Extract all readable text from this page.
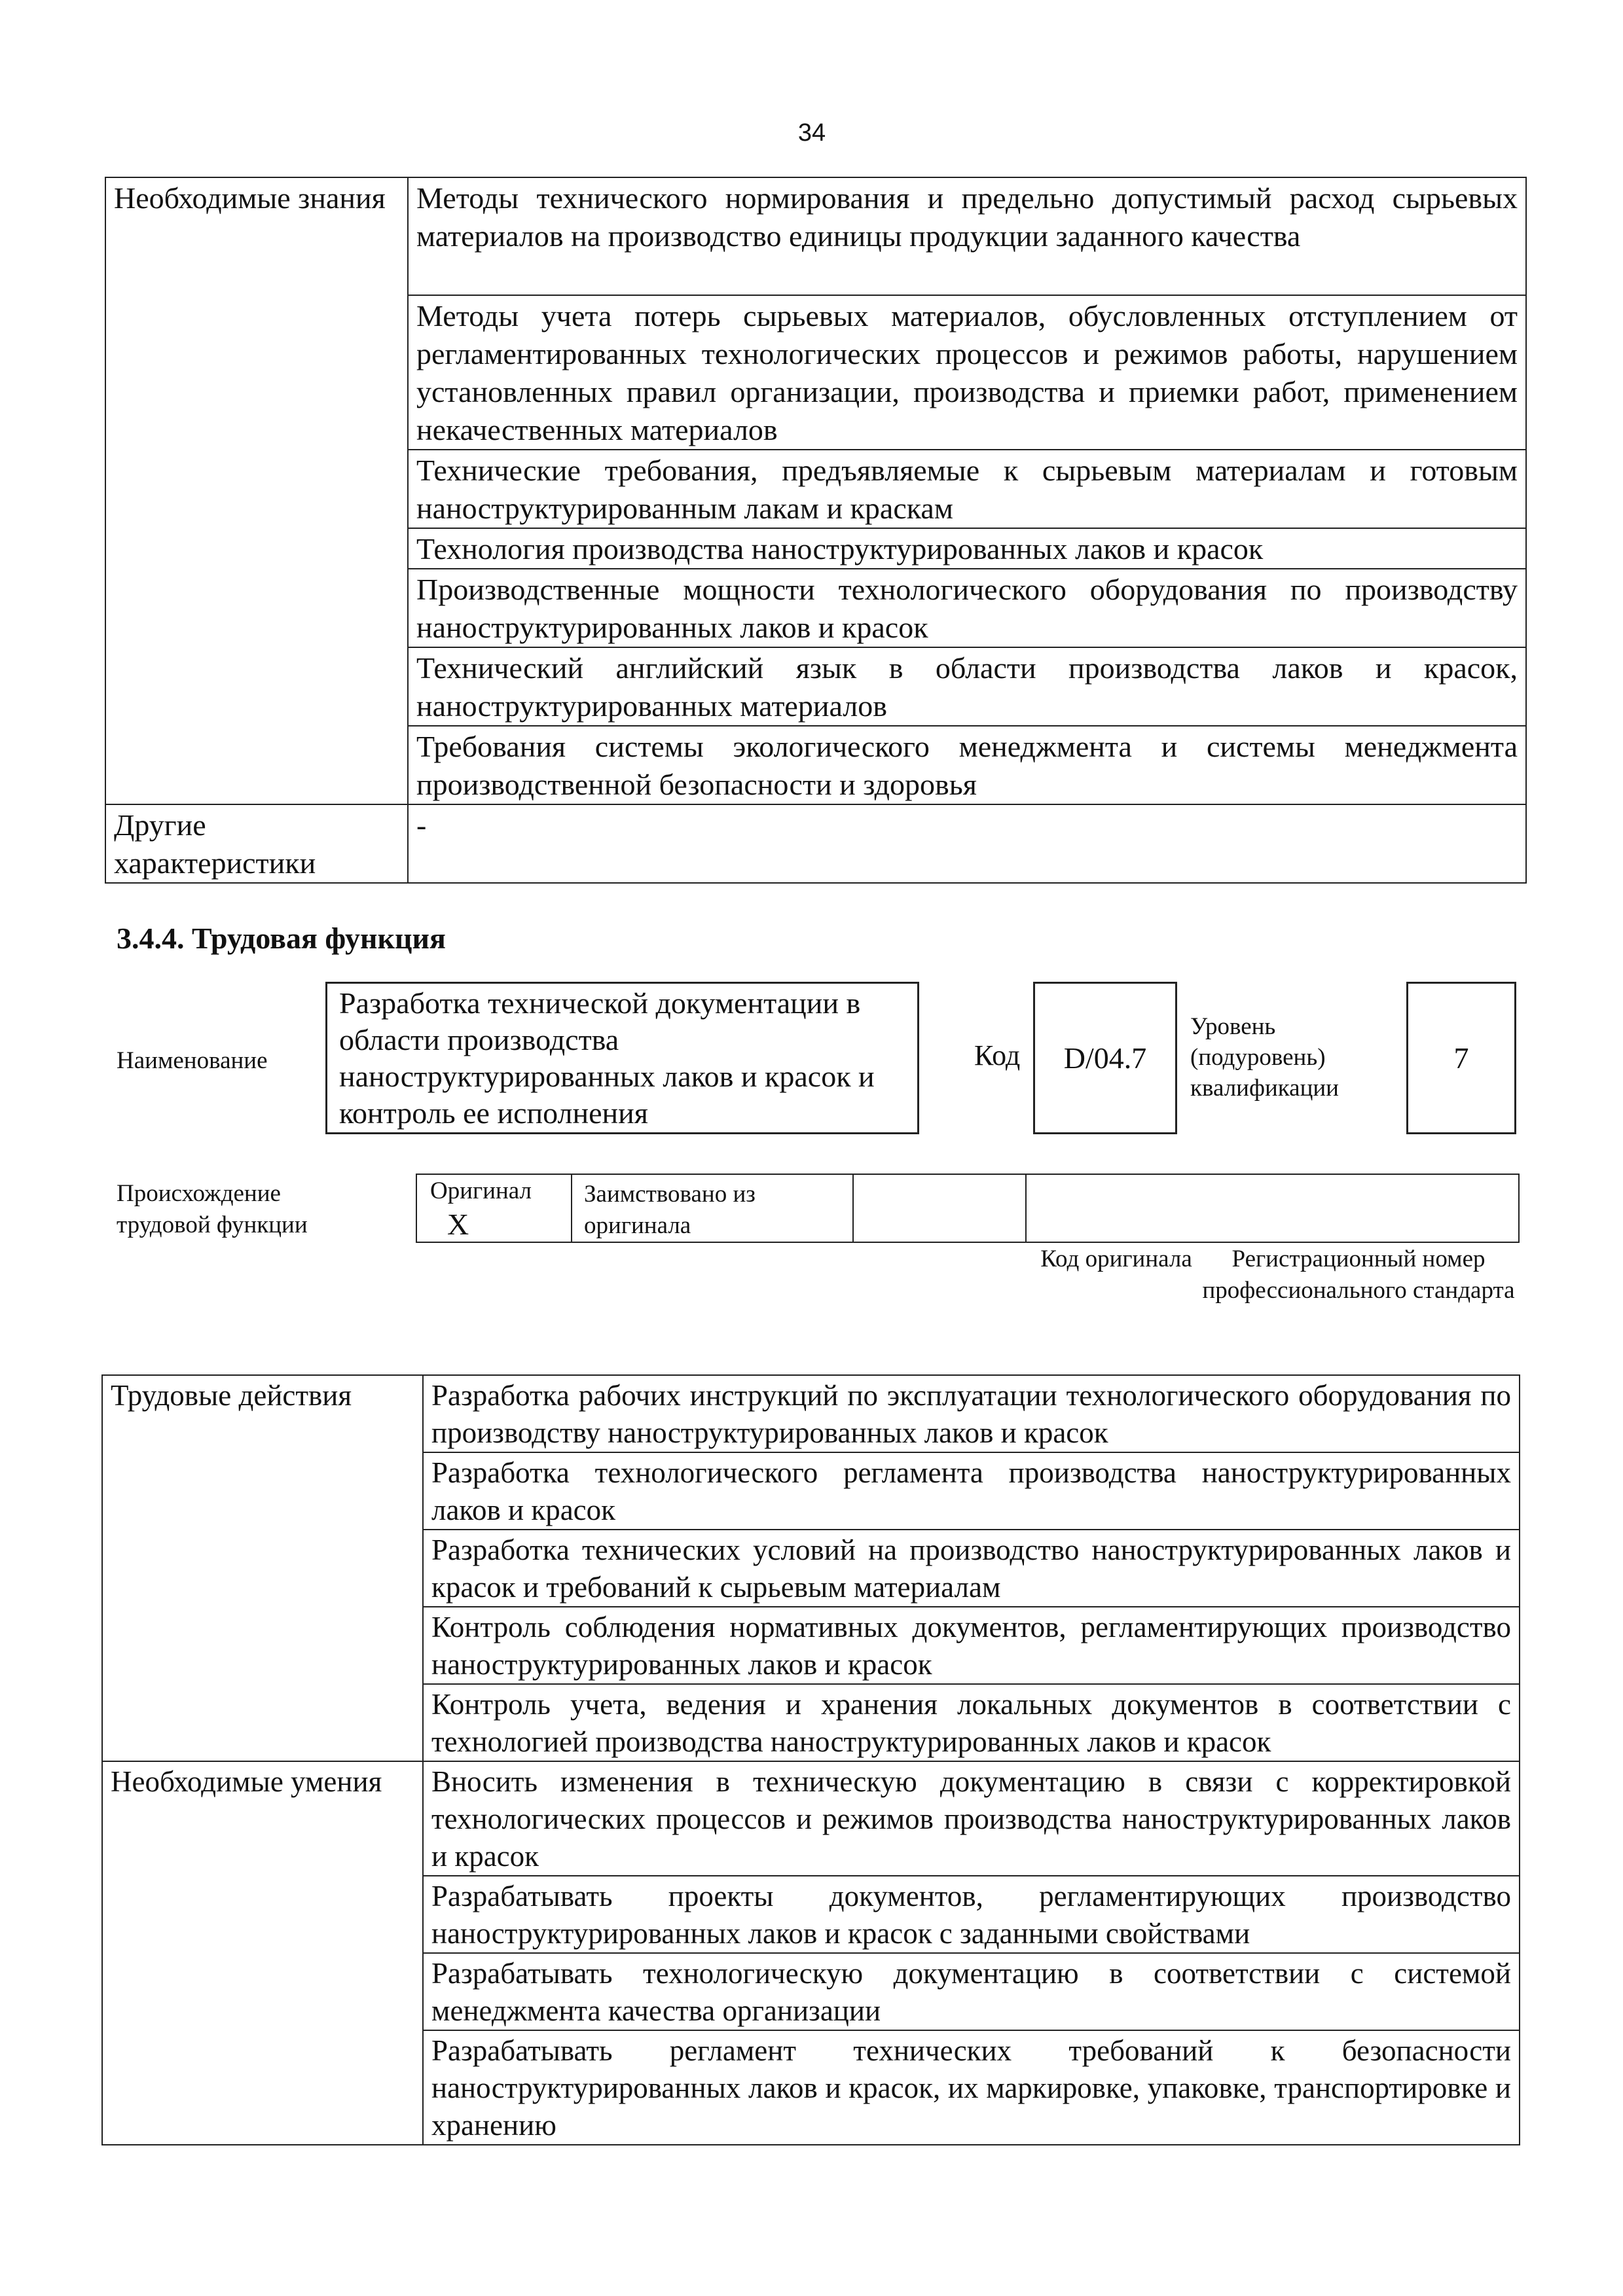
34
Необходимые знания	Методы технического нормирования и предельно допустимый расход сырьевых материалов на производство единицы продукции заданного качества
	Методы учета потерь сырьевых материалов, обусловленных отступлением от регламентированных технологических процессов и режимов работы, нарушением установленных правил организации, производства и приемки работ, применением некачественных материалов
	Технические требования, предъявляемые к сырьевым материалам и готовым наноструктурированным лакам и краскам
	Технология производства наноструктурированных лаков и красок
	Производственные мощности технологического оборудования по производству наноструктурированных лаков и красок
	Технический английский язык в области производства лаков и красок, наноструктурированных материалов
	Требования системы экологического менеджмента и системы менеджмента производственной безопасности и здоровья
Другие характеристики	-
3.4.4. Трудовая функция
Наименование
Разработка технической документации в области производства наноструктурированных лаков и красок и контроль ее исполнения
Код D/04.7
Уровень (подуровень) квалификации
7
Происхождение трудовой функции
Оригинал X	Заимствовано из оригинала		
Код оригинала	Регистрационный номер профессионального стандарта
Трудовые действия	Разработка рабочих инструкций по эксплуатации технологического оборудования по производству наноструктурированных лаков и красок
	Разработка технологического регламента производства наноструктурированных лаков и красок
	Разработка технических условий на производство наноструктурированных лаков и красок и требований к сырьевым материалам
	Контроль соблюдения нормативных документов, регламентирующих производство наноструктурированных лаков и красок
	Контроль учета, ведения и хранения локальных документов в соответствии с технологией производства наноструктурированных лаков и красок
Необходимые умения	Вносить изменения в техническую документацию в связи с корректировкой технологических процессов и режимов производства наноструктурированных лаков и красок
	Разрабатывать проекты документов, регламентирующих производство наноструктурированных лаков и красок с заданными свойствами
	Разрабатывать технологическую документацию в соответствии с системой менеджмента качества организации
	Разрабатывать регламент технических требований к безопасности наноструктурированных лаков и красок, их маркировке, упаковке, транспортировке и хранению
